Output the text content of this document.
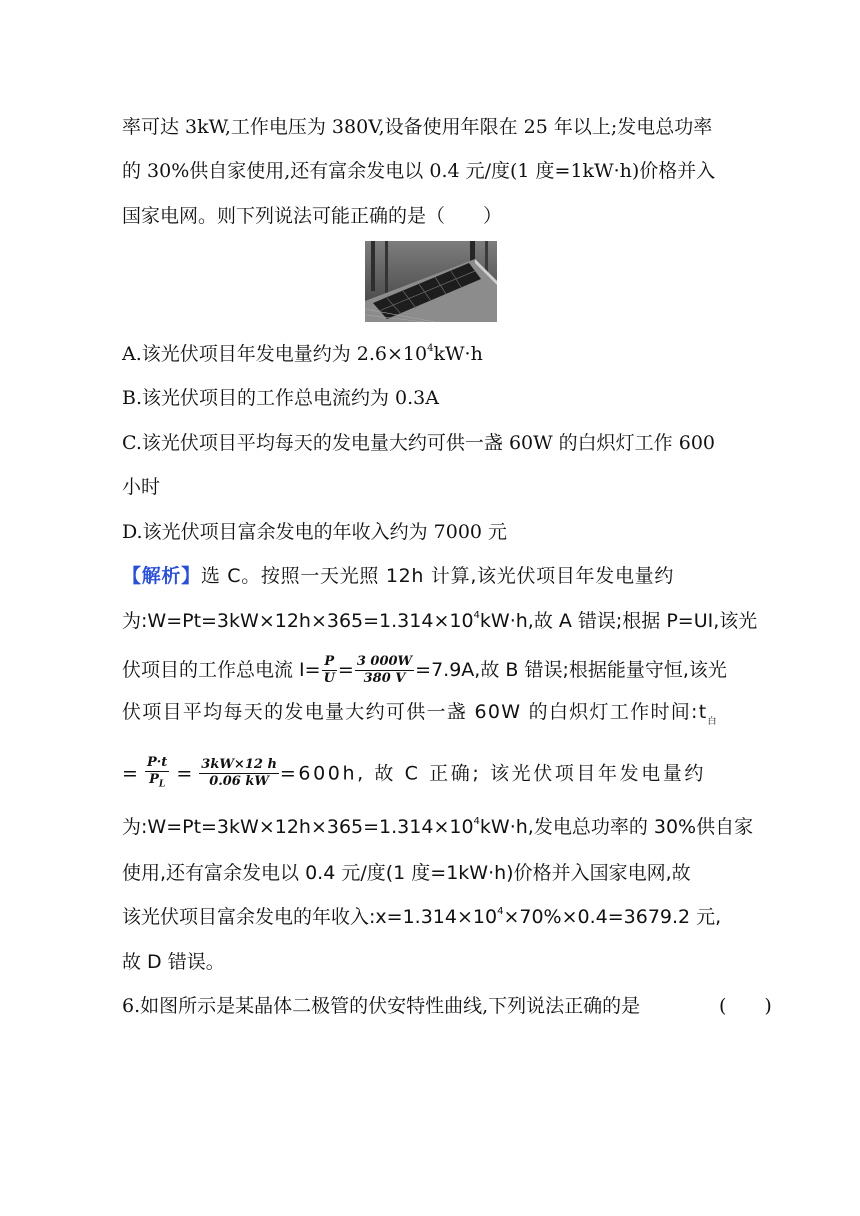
率可达 3kW,工作电压为 380V,设备使用年限在 25 年以上;发电总功率
的 30%供自家使用,还有富余发电以 0.4 元/度(1 度=1kW·h)价格并入
国家电网。则下列说法可能正确的是（　　）
A.该光伏项目年发电量约为 $2.6\times 10^4kW\cdot h$
B.该光伏项目的工作总电流约为 0.3A
C.该光伏项目平均每天的发电量大约可供一盏 60W 的白炽灯工作 600
小时
D.该光伏项目富余发电的年收入约为 7000 元
【解析】选 C。按照一天光照 12h 计算,该光伏项目年发电量约
为$:W=Pt=3kW\times 12h\times 365=1.314\times 10^4kW\cdot h$,故 A 错误;根据 P=UI,该光
伏项目的工作总电流 $I= \frac{P}{U} = \frac{3 000W}{380 V} =7.9A$,故 B 错误;根据能量守恒,该光
伏项目平均每天的发电量大约可供一盏 60W 的白炽灯工作时间$:t_白$
= $\frac{P\cdot t}{P_L} = \frac{3kW\times 12 h}{0.06 kW} =600h$, 故 C 正确; 该光伏项目年发电量约
为$:W=Pt=3kW\times 12h\times 365=1.314\times 10^4kW\cdot h$,发电总功率的 30%供自家
使用,还有富余发电以 0.4 元/度(1 度=1kW·h)价格并入国家电网,故
该光伏项目富余发电的年收入$:x=1.314\times 10^4\times 70\%\times 0.4=3679.2$ 元,
故 D 错误。
6.如图所示是某晶体二极管的伏安特性曲线,下列说法正确的是	(　　)
